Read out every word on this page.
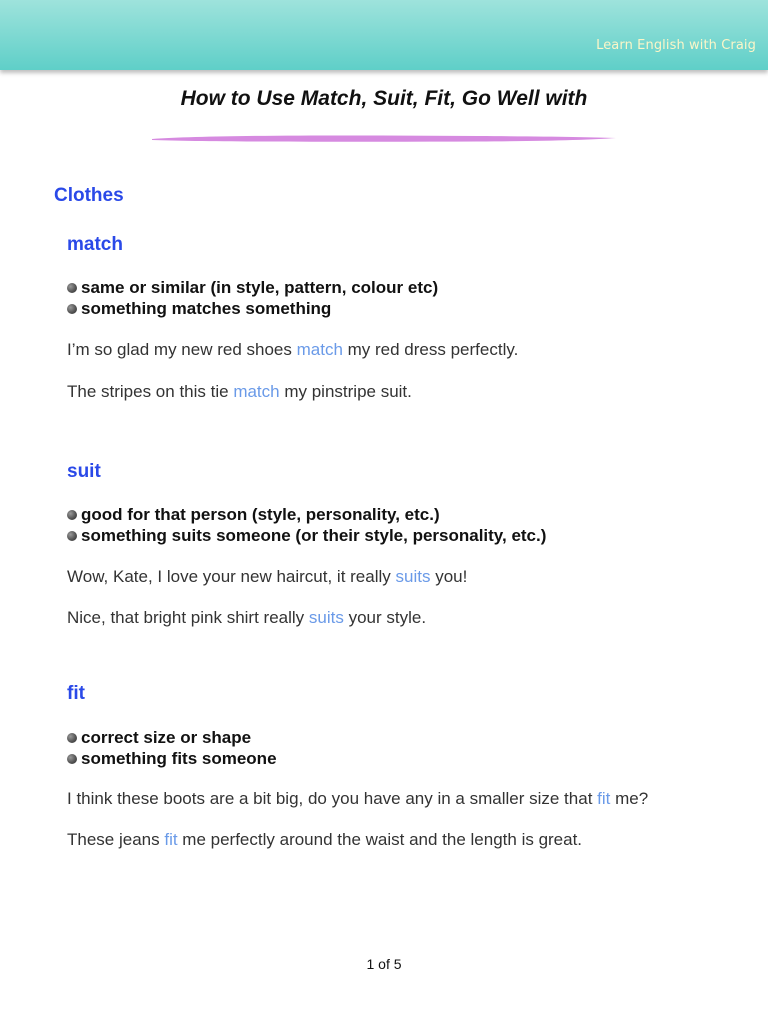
Learn English with Craig
How to Use Match, Suit, Fit, Go Well with
Clothes
match
same or similar (in style, pattern, colour etc)
something matches something
I’m so glad my new red shoes match my red dress perfectly.
The stripes on this tie match my pinstripe suit.
suit
good for that person (style, personality, etc.)
something suits someone (or their style, personality, etc.)
Wow, Kate, I love your new haircut, it really suits you!
Nice, that bright pink shirt really suits your style.
fit
correct size or shape
something fits someone
I think these boots are a bit big, do you have any in a smaller size that fit me?
These jeans fit me perfectly around the waist and the length is great.
1 of 5
